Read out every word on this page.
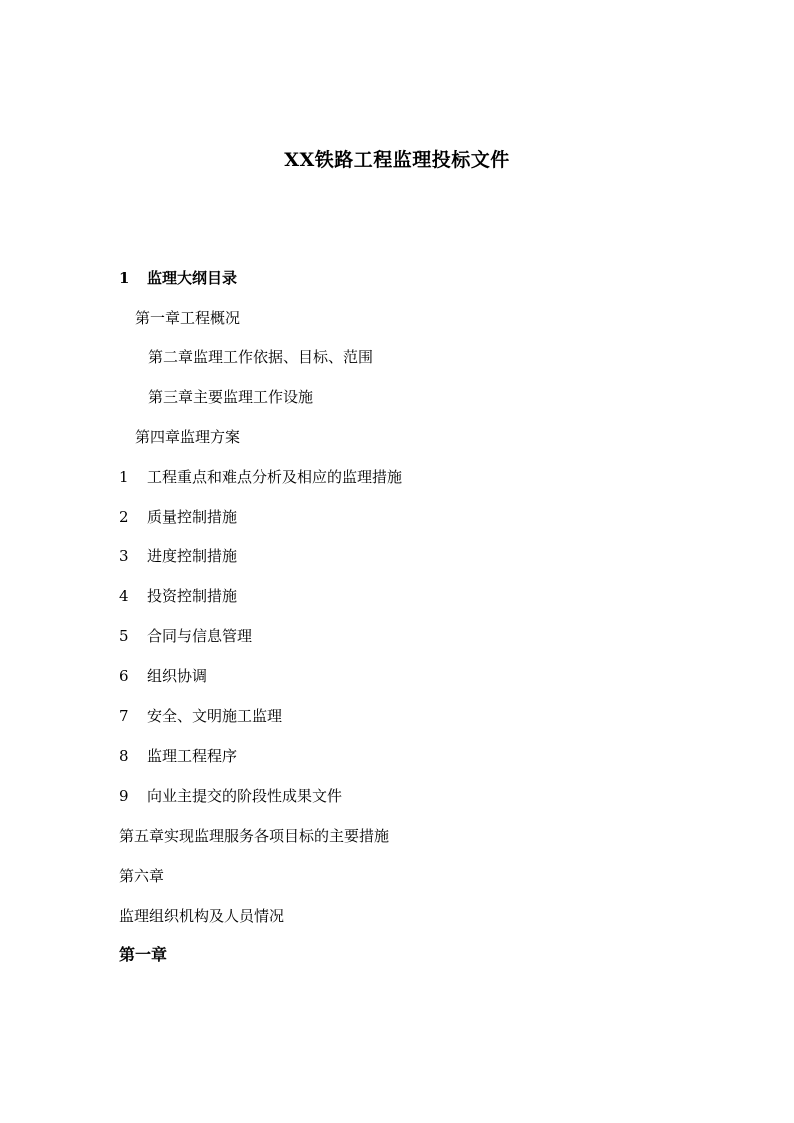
XX铁路工程监理投标文件
1 监理大纲目录
第一章工程概况
第二章监理工作依据、目标、范围
第三章主要监理工作设施
第四章监理方案
1 工程重点和难点分析及相应的监理措施
2 质量控制措施
3 进度控制措施
4 投资控制措施
5 合同与信息管理
6 组织协调
7 安全、文明施工监理
8 监理工程程序
9 向业主提交的阶段性成果文件
第五章实现监理服务各项目标的主要措施
第六章
监理组织机构及人员情况
第一章
